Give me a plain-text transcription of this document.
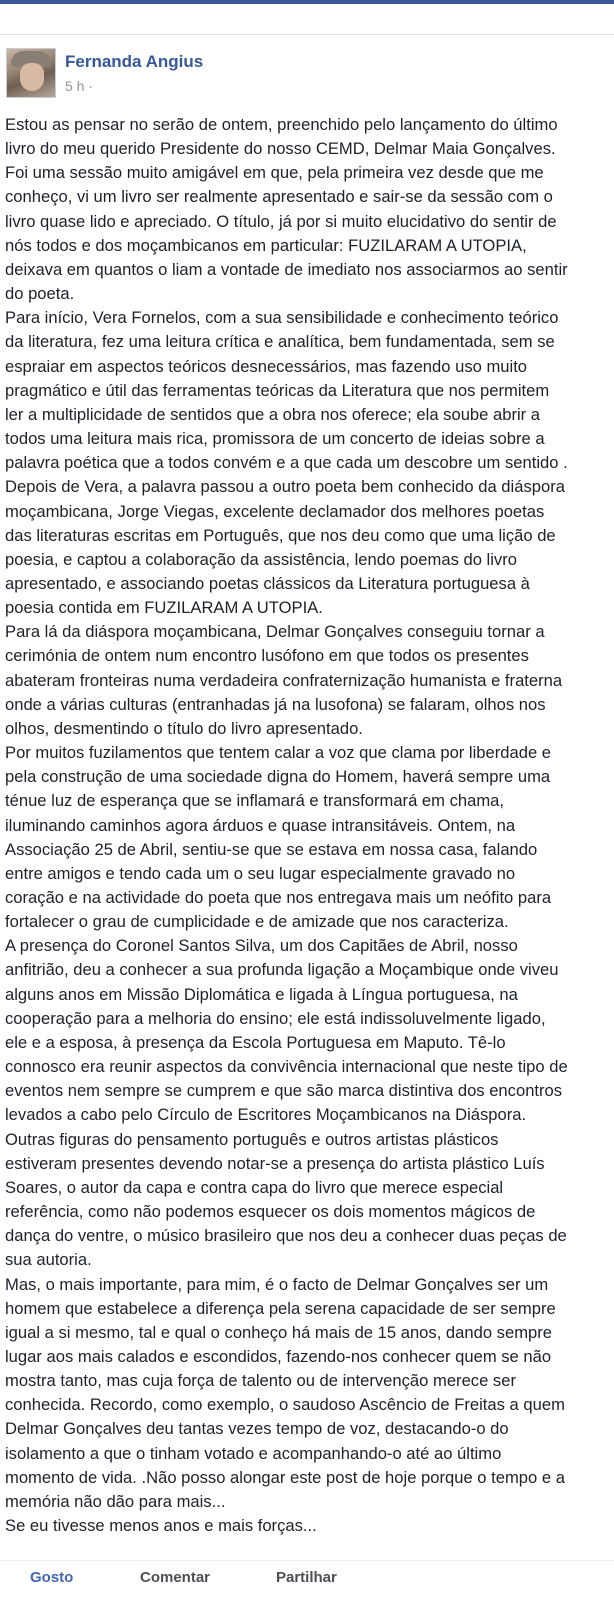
Fernanda Angius
5 h ·

Estou as pensar no serão de ontem, preenchido pelo lançamento do último

livro do meu querido Presidente do nosso CEMD, Delmar Maia Gonçalves.

Foi uma sessão muito amigável em que, pela primeira vez desde que me

conheço, vi um livro ser realmente apresentado e sair-se da sessão com o

livro quase lido e apreciado. O título, já por si muito elucidativo do sentir de

nós todos e dos moçambicanos em particular: FUZILARAM A UTOPIA,

deixava em quantos o liam a vontade de imediato nos associarmos ao sentir

do poeta.

Para início, Vera Fornelos, com a sua sensibilidade e conhecimento teórico

da literatura, fez uma leitura crítica e analítica, bem fundamentada, sem se

espraiar em aspectos teóricos desnecessários, mas fazendo uso muito

pragmático e útil das ferramentas teóricas da Literatura que nos permitem

ler a multiplicidade de sentidos que a obra nos oferece; ela soube abrir a

todos uma leitura mais rica, promissora de um concerto de ideias sobre a

palavra poética que a todos convém e a que cada um descobre um sentido .

Depois de Vera, a palavra passou a outro poeta bem conhecido da diáspora

moçambicana, Jorge Viegas, excelente declamador dos melhores poetas

das literaturas escritas em Português, que nos deu como que uma lição de

poesia, e captou a colaboração da assistência, lendo poemas do livro

apresentado, e associando poetas clássicos da Literatura portuguesa à

poesia contida em FUZILARAM A UTOPIA.

Para lá da diáspora moçambicana, Delmar Gonçalves conseguiu tornar a

cerimónia de ontem num encontro lusófono em que todos os presentes

abateram fronteiras numa verdadeira confraternização humanista e fraterna

onde a várias culturas (entranhadas já na lusofona) se falaram, olhos nos

olhos, desmentindo o título do livro apresentado.

Por muitos fuzilamentos que tentem calar a voz que clama por liberdade e

pela construção de uma sociedade digna do Homem, haverá sempre uma

ténue luz de esperança que se inflamará e transformará em chama,

iluminando caminhos agora árduos e quase intransitáveis. Ontem, na

Associação 25 de Abril, sentiu-se que se estava em nossa casa, falando

entre amigos e tendo cada um o seu lugar especialmente gravado no

coração e na actividade do poeta que nos entregava mais um neófito para

fortalecer o grau de cumplicidade e de amizade que nos caracteriza.

A presença do Coronel Santos Silva, um dos Capitães de Abril, nosso

anfitrião, deu a conhecer a sua profunda ligação a Moçambique onde viveu

alguns anos em Missão Diplomática e ligada à Língua portuguesa, na

cooperação para a melhoria do ensino; ele está indissoluvelmente ligado,

ele e a esposa, à presença da Escola Portuguesa em Maputo. Tê-lo

connosco era reunir aspectos da convivência internacional que neste tipo de

eventos nem sempre se cumprem e que são marca distintiva dos encontros

levados a cabo pelo Círculo de Escritores Moçambicanos na Diáspora.

Outras figuras do pensamento português e outros artistas plásticos

estiveram presentes devendo notar-se a presença do artista plástico Luís

Soares, o autor da capa e contra capa do livro que merece especial

referência, como não podemos esquecer os dois momentos mágicos de

dança do ventre, o músico brasileiro que nos deu a conhecer duas peças de

sua autoria.

Mas, o mais importante, para mim, é o facto de Delmar Gonçalves ser um

homem que estabelece a diferença pela serena capacidade de ser sempre

igual a si mesmo, tal e qual o conheço há mais de 15 anos, dando sempre

lugar aos mais calados e escondidos, fazendo-nos conhecer quem se não

mostra tanto, mas cuja força de talento ou de intervenção merece ser

conhecida. Recordo, como exemplo, o saudoso Ascêncio de Freitas a quem

Delmar Gonçalves deu tantas vezes tempo de voz, destacando-o do

isolamento a que o tinham votado e acompanhando-o até ao último

momento de vida. .Não posso alongar este post de hoje porque o tempo e a

memória não dão para mais...

Se eu tivesse menos anos e mais forças...

Gosto	Comentar	Partilhar
